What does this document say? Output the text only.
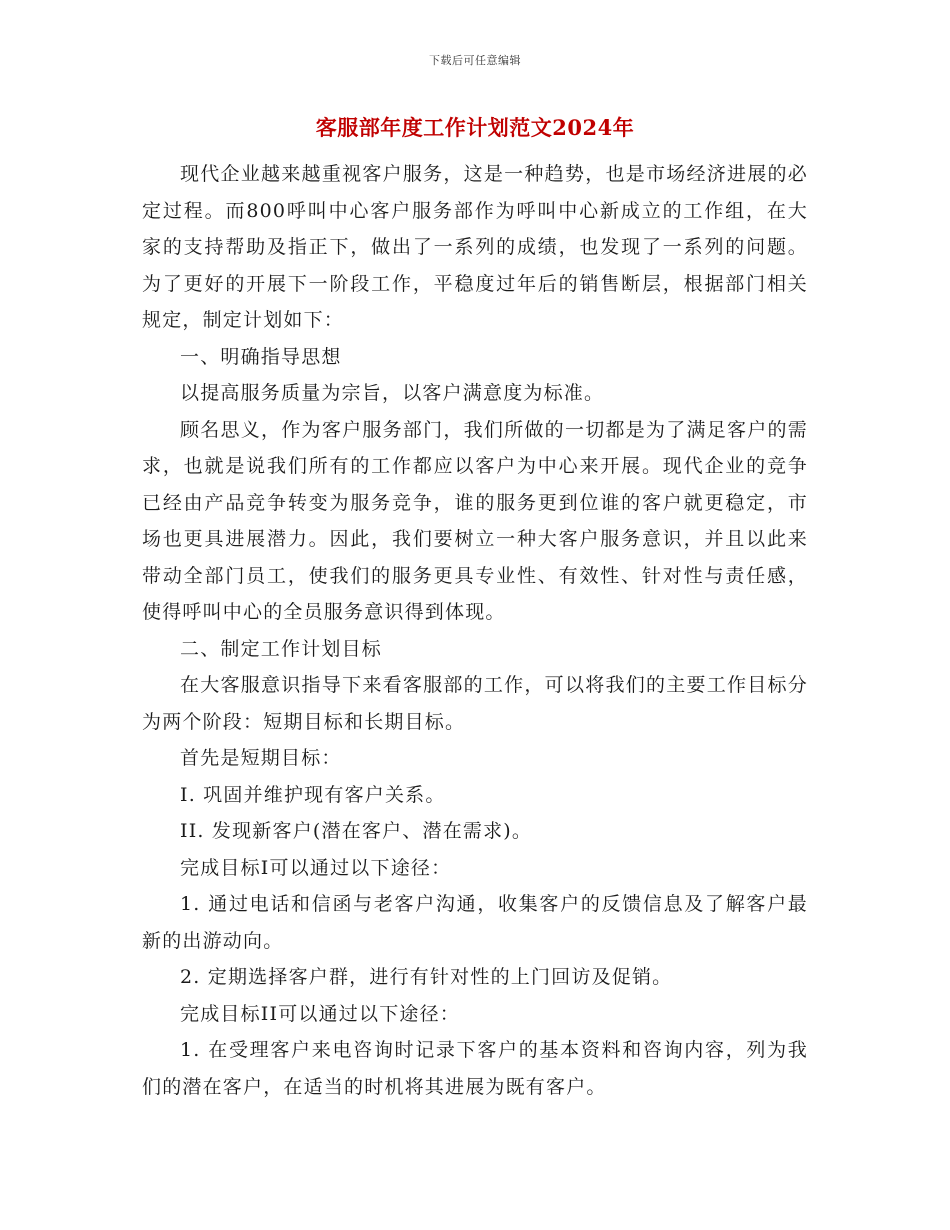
下载后可任意编辑
客服部年度工作计划范文2024年

现代企业越来越重视客户服务，这是一种趋势，也是市场经济进展的必定过程。而800呼叫中心客户服务部作为呼叫中心新成立的工作组，在大家的支持帮助及指正下，做出了一系列的成绩，也发现了一系列的问题。为了更好的开展下一阶段工作，平稳度过年后的销售断层，根据部门相关规定，制定计划如下：

一、明确指导思想

以提高服务质量为宗旨，以客户满意度为标准。

顾名思义，作为客户服务部门，我们所做的一切都是为了满足客户的需求，也就是说我们所有的工作都应以客户为中心来开展。现代企业的竞争已经由产品竞争转变为服务竞争，谁的服务更到位谁的客户就更稳定，市场也更具进展潜力。因此，我们要树立一种大客户服务意识，并且以此来带动全部门员工，使我们的服务更具专业性、有效性、针对性与责任感，使得呼叫中心的全员服务意识得到体现。

二、制定工作计划目标

在大客服意识指导下来看客服部的工作，可以将我们的主要工作目标分为两个阶段：短期目标和长期目标。

首先是短期目标：

I. 巩固并维护现有客户关系。

II. 发现新客户(潜在客户、潜在需求)。

完成目标I可以通过以下途径：

1. 通过电话和信函与老客户沟通，收集客户的反馈信息及了解客户最新的出游动向。

2. 定期选择客户群，进行有针对性的上门回访及促销。

完成目标II可以通过以下途径：

1. 在受理客户来电咨询时记录下客户的基本资料和咨询内容，列为我们的潜在客户，在适当的时机将其进展为既有客户。
